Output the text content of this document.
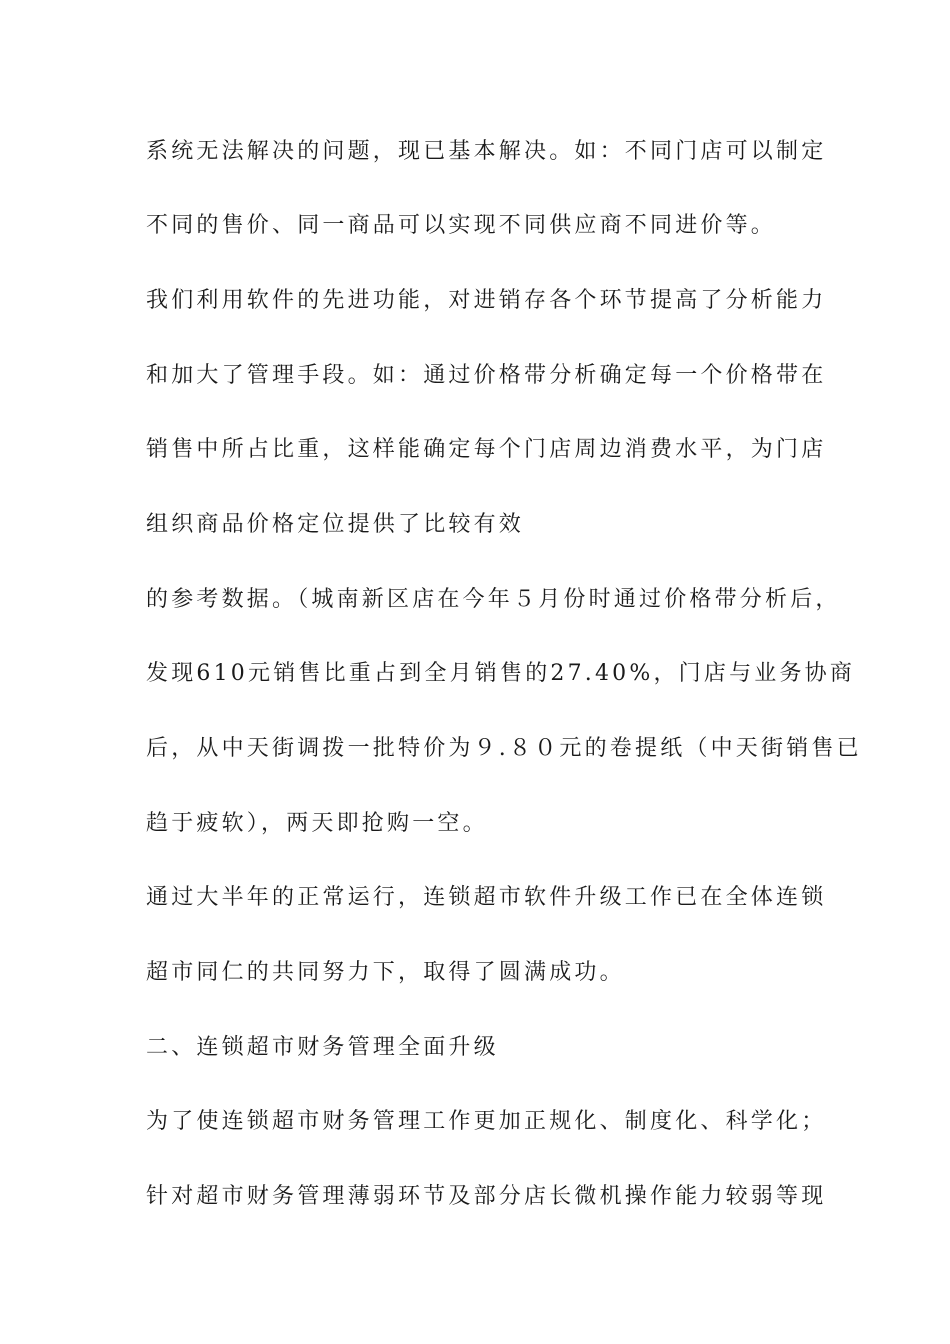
系统无法解决的问题，现已基本解决。如：不同门店可以制定
不同的售价、同一商品可以实现不同供应商不同进价等。
我们利用软件的先进功能，对进销存各个环节提高了分析能力
和加大了管理手段。如：通过价格带分析确定每一个价格带在
销售中所占比重，这样能确定每个门店周边消费水平，为门店
组织商品价格定位提供了比较有效
的参考数据。（城南新区店在今年５月份时通过价格带分析后，
发现610元销售比重占到全月销售的27.40%，门店与业务协商
后，从中天街调拨一批特价为９.８０元的卷提纸（中天街销售已
趋于疲软），两天即抢购一空。
通过大半年的正常运行，连锁超市软件升级工作已在全体连锁
超市同仁的共同努力下，取得了圆满成功。
二、连锁超市财务管理全面升级
为了使连锁超市财务管理工作更加正规化、制度化、科学化；
针对超市财务管理薄弱环节及部分店长微机操作能力较弱等现
